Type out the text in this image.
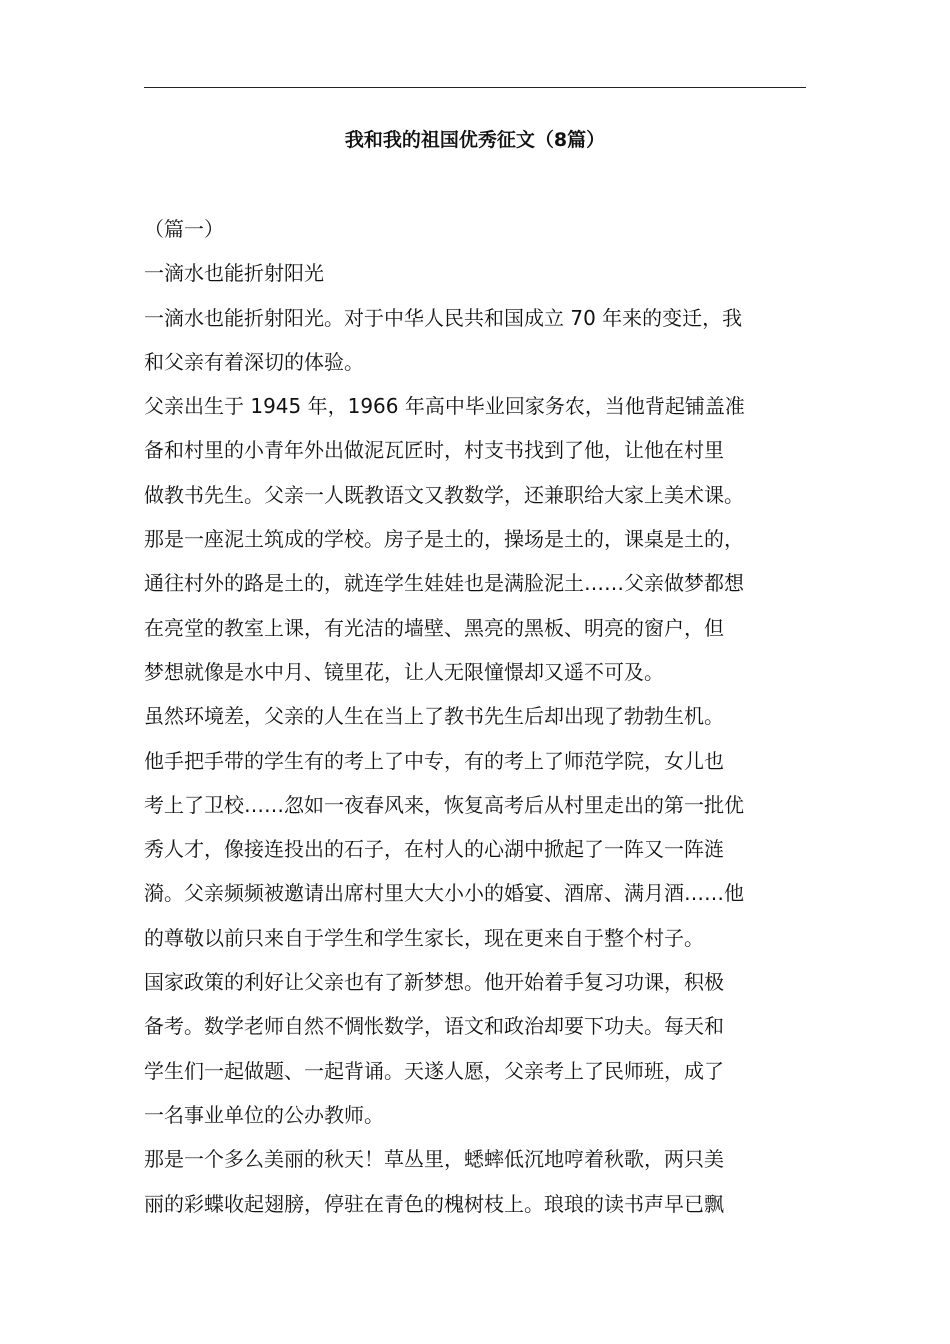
我和我的祖国优秀征文（8篇）

（篇一）

一滴水也能折射阳光

一滴水也能折射阳光。对于中华人民共和国成立 70 年来的变迁，我

和父亲有着深切的体验。

父亲出生于 1945 年，1966 年高中毕业回家务农，当他背起铺盖准

备和村里的小青年外出做泥瓦匠时，村支书找到了他，让他在村里

做教书先生。父亲一人既教语文又教数学，还兼职给大家上美术课。

那是一座泥土筑成的学校。房子是土的，操场是土的，课桌是土的，

通往村外的路是土的，就连学生娃娃也是满脸泥土……父亲做梦都想

在亮堂的教室上课，有光洁的墙壁、黑亮的黑板、明亮的窗户，但

梦想就像是水中月、镜里花，让人无限憧憬却又遥不可及。

虽然环境差，父亲的人生在当上了教书先生后却出现了勃勃生机。

他手把手带的学生有的考上了中专，有的考上了师范学院，女儿也

考上了卫校……忽如一夜春风来，恢复高考后从村里走出的第一批优

秀人才，像接连投出的石子，在村人的心湖中掀起了一阵又一阵涟

漪。父亲频频被邀请出席村里大大小小的婚宴、酒席、满月酒……他

的尊敬以前只来自于学生和学生家长，现在更来自于整个村子。

国家政策的利好让父亲也有了新梦想。他开始着手复习功课，积极

备考。数学老师自然不惆怅数学，语文和政治却要下功夫。每天和

学生们一起做题、一起背诵。天遂人愿，父亲考上了民师班，成了

一名事业单位的公办教师。

那是一个多么美丽的秋天！草丛里，蟋蟀低沉地哼着秋歌，两只美

丽的彩蝶收起翅膀，停驻在青色的槐树枝上。琅琅的读书声早已飘
